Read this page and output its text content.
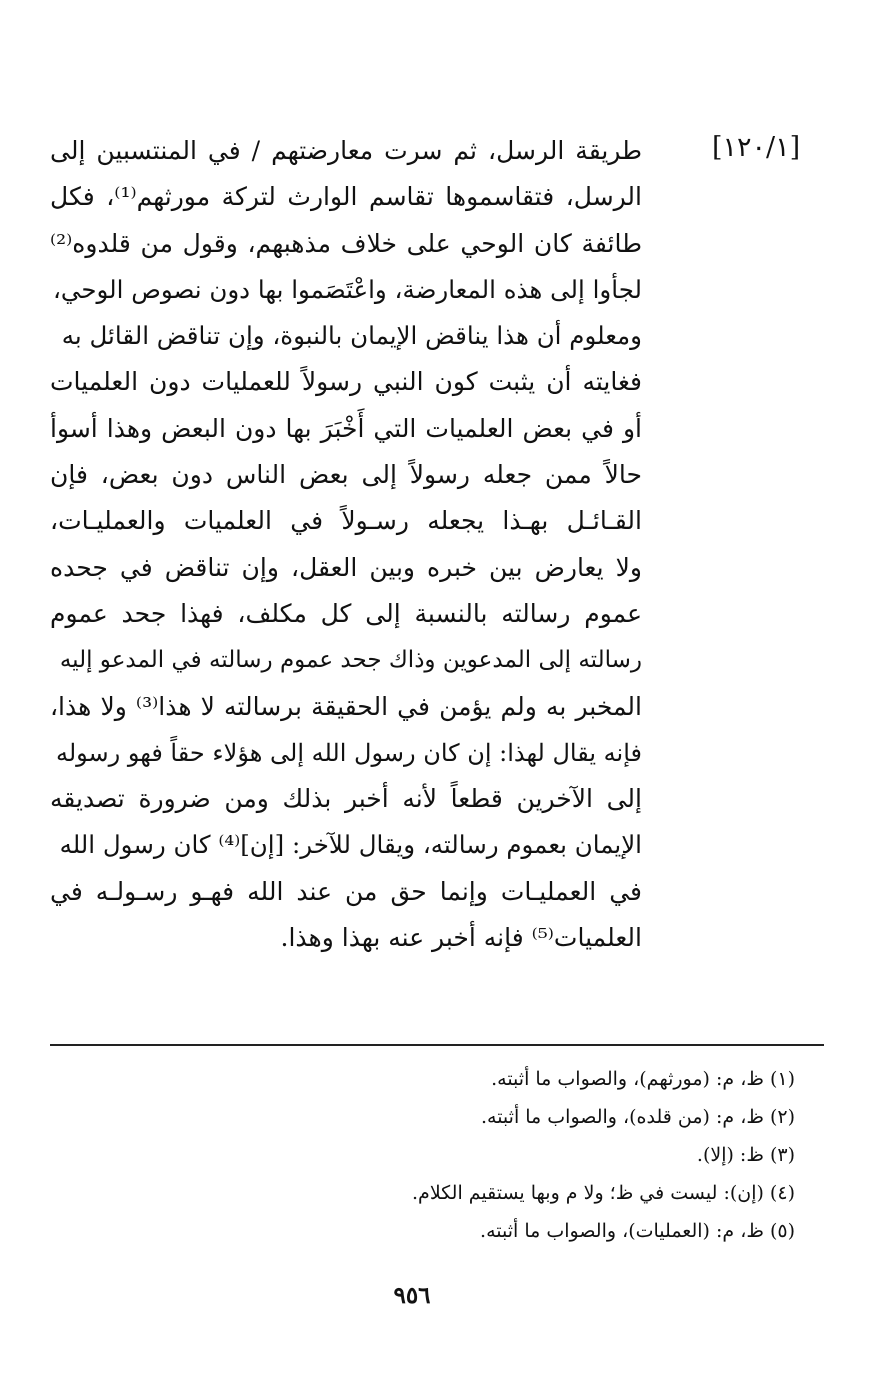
[١٢٠/١]
طريقة الرسل، ثم سرت معارضتهم / في المنتسبين إلى
الرسل، فتقاسموها تقاسم الوارث لتركة مورثهم⁽¹⁾، فكل
طائفة كان الوحي على خلاف مذهبهم، وقول من قلدوه⁽²⁾
لجأوا إلى هذه المعارضة، واعْتَصَموا بها دون نصوص الوحي،
ومعلوم أن هذا يناقض الإيمان بالنبوة، وإن تناقض القائل به
فغايته أن يثبت كون النبي رسولاً للعمليات دون العلميات
أو في بعض العلميات التي أَخْبَرَ بها دون البعض وهذا أسوأ
حالاً ممن جعله رسولاً إلى بعض الناس دون بعض، فإن
القـائـل بهـذا يجعله رسـولاً في العلميات والعمليـات،
ولا يعارض بين خبره وبين العقل، وإن تناقض في جحده
عموم رسالته بالنسبة إلى كل مكلف، فهذا جحد عموم
رسالته إلى المدعوين وذاك جحد عموم رسالته في المدعو إليه
المخبر به ولم يؤمن في الحقيقة برسالته لا هذا⁽³⁾ ولا هذا،
فإنه يقال لهذا: إن كان رسول الله إلى هؤلاء حقاً فهو رسوله
إلى الآخرين قطعاً لأنه أخبر بذلك ومن ضرورة تصديقه
الإيمان بعموم رسالته، ويقال للآخر: [إن]⁽⁴⁾ كان رسول الله
في العمليـات وإنما حق من عند الله فهـو رسـولـه في
العلميات⁽⁵⁾ فإنه أخبر عنه بهذا وهذا.
(١) ظ، م: (مورثهم)، والصواب ما أثبته.
(٢) ظ، م: (من قلده)، والصواب ما أثبته.
(٣) ظ: (إلا).
(٤) (إن): ليست في ظ؛ ولا م وبها يستقيم الكلام.
(٥) ظ، م: (العمليات)، والصواب ما أثبته.
٩٥٦
